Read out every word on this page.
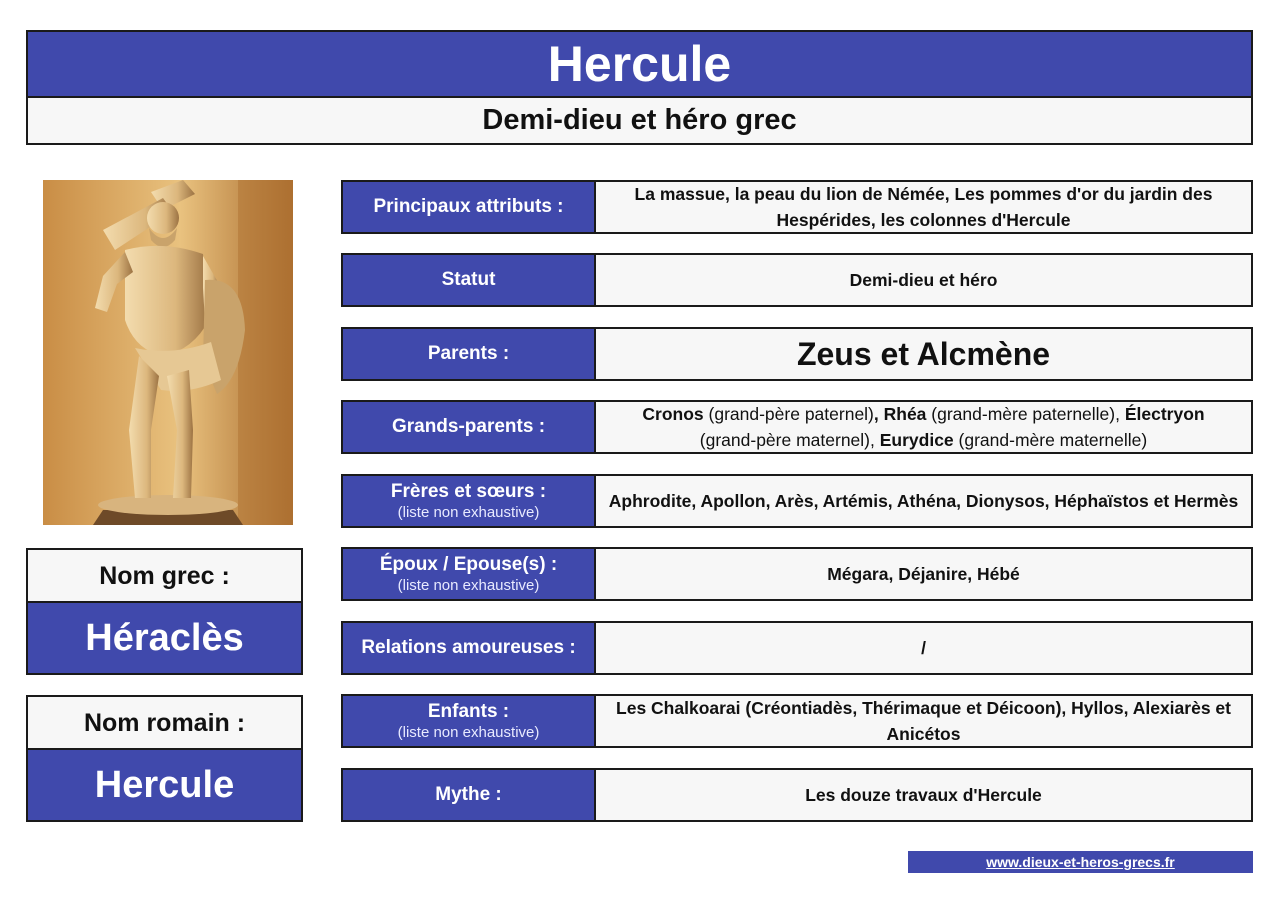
Hercule
Demi-dieu et héro grec
Nom grec :
Héraclès
Nom romain :
Hercule
Principaux attributs :
La massue, la peau du lion de Némée, Les pommes d'or du jardin des Hespérides, les colonnes d'Hercule
Statut	Demi-dieu et héro
Parents :	Zeus et Alcmène
Grands-parents :
Cronos (grand-père paternel), Rhéa (grand-mère paternelle), Électryon
(grand-père maternel), Eurydice (grand-mère maternelle)
Frères et sœurs :
(liste non exhaustive)
Aphrodite, Apollon, Arès, Artémis, Athéna, Dionysos, Héphaïstos et Hermès
Époux / Epouse(s) :
(liste non exhaustive)
Mégara, Déjanire, Hébé
Relations amoureuses :	/
Enfants :
(liste non exhaustive)
Les Chalkoarai (Créontiadès, Thérimaque et Déicoon), Hyllos, Alexiarès et Anicétos
Mythe :	Les douze travaux d'Hercule
www.dieux-et-heros-grecs.fr
